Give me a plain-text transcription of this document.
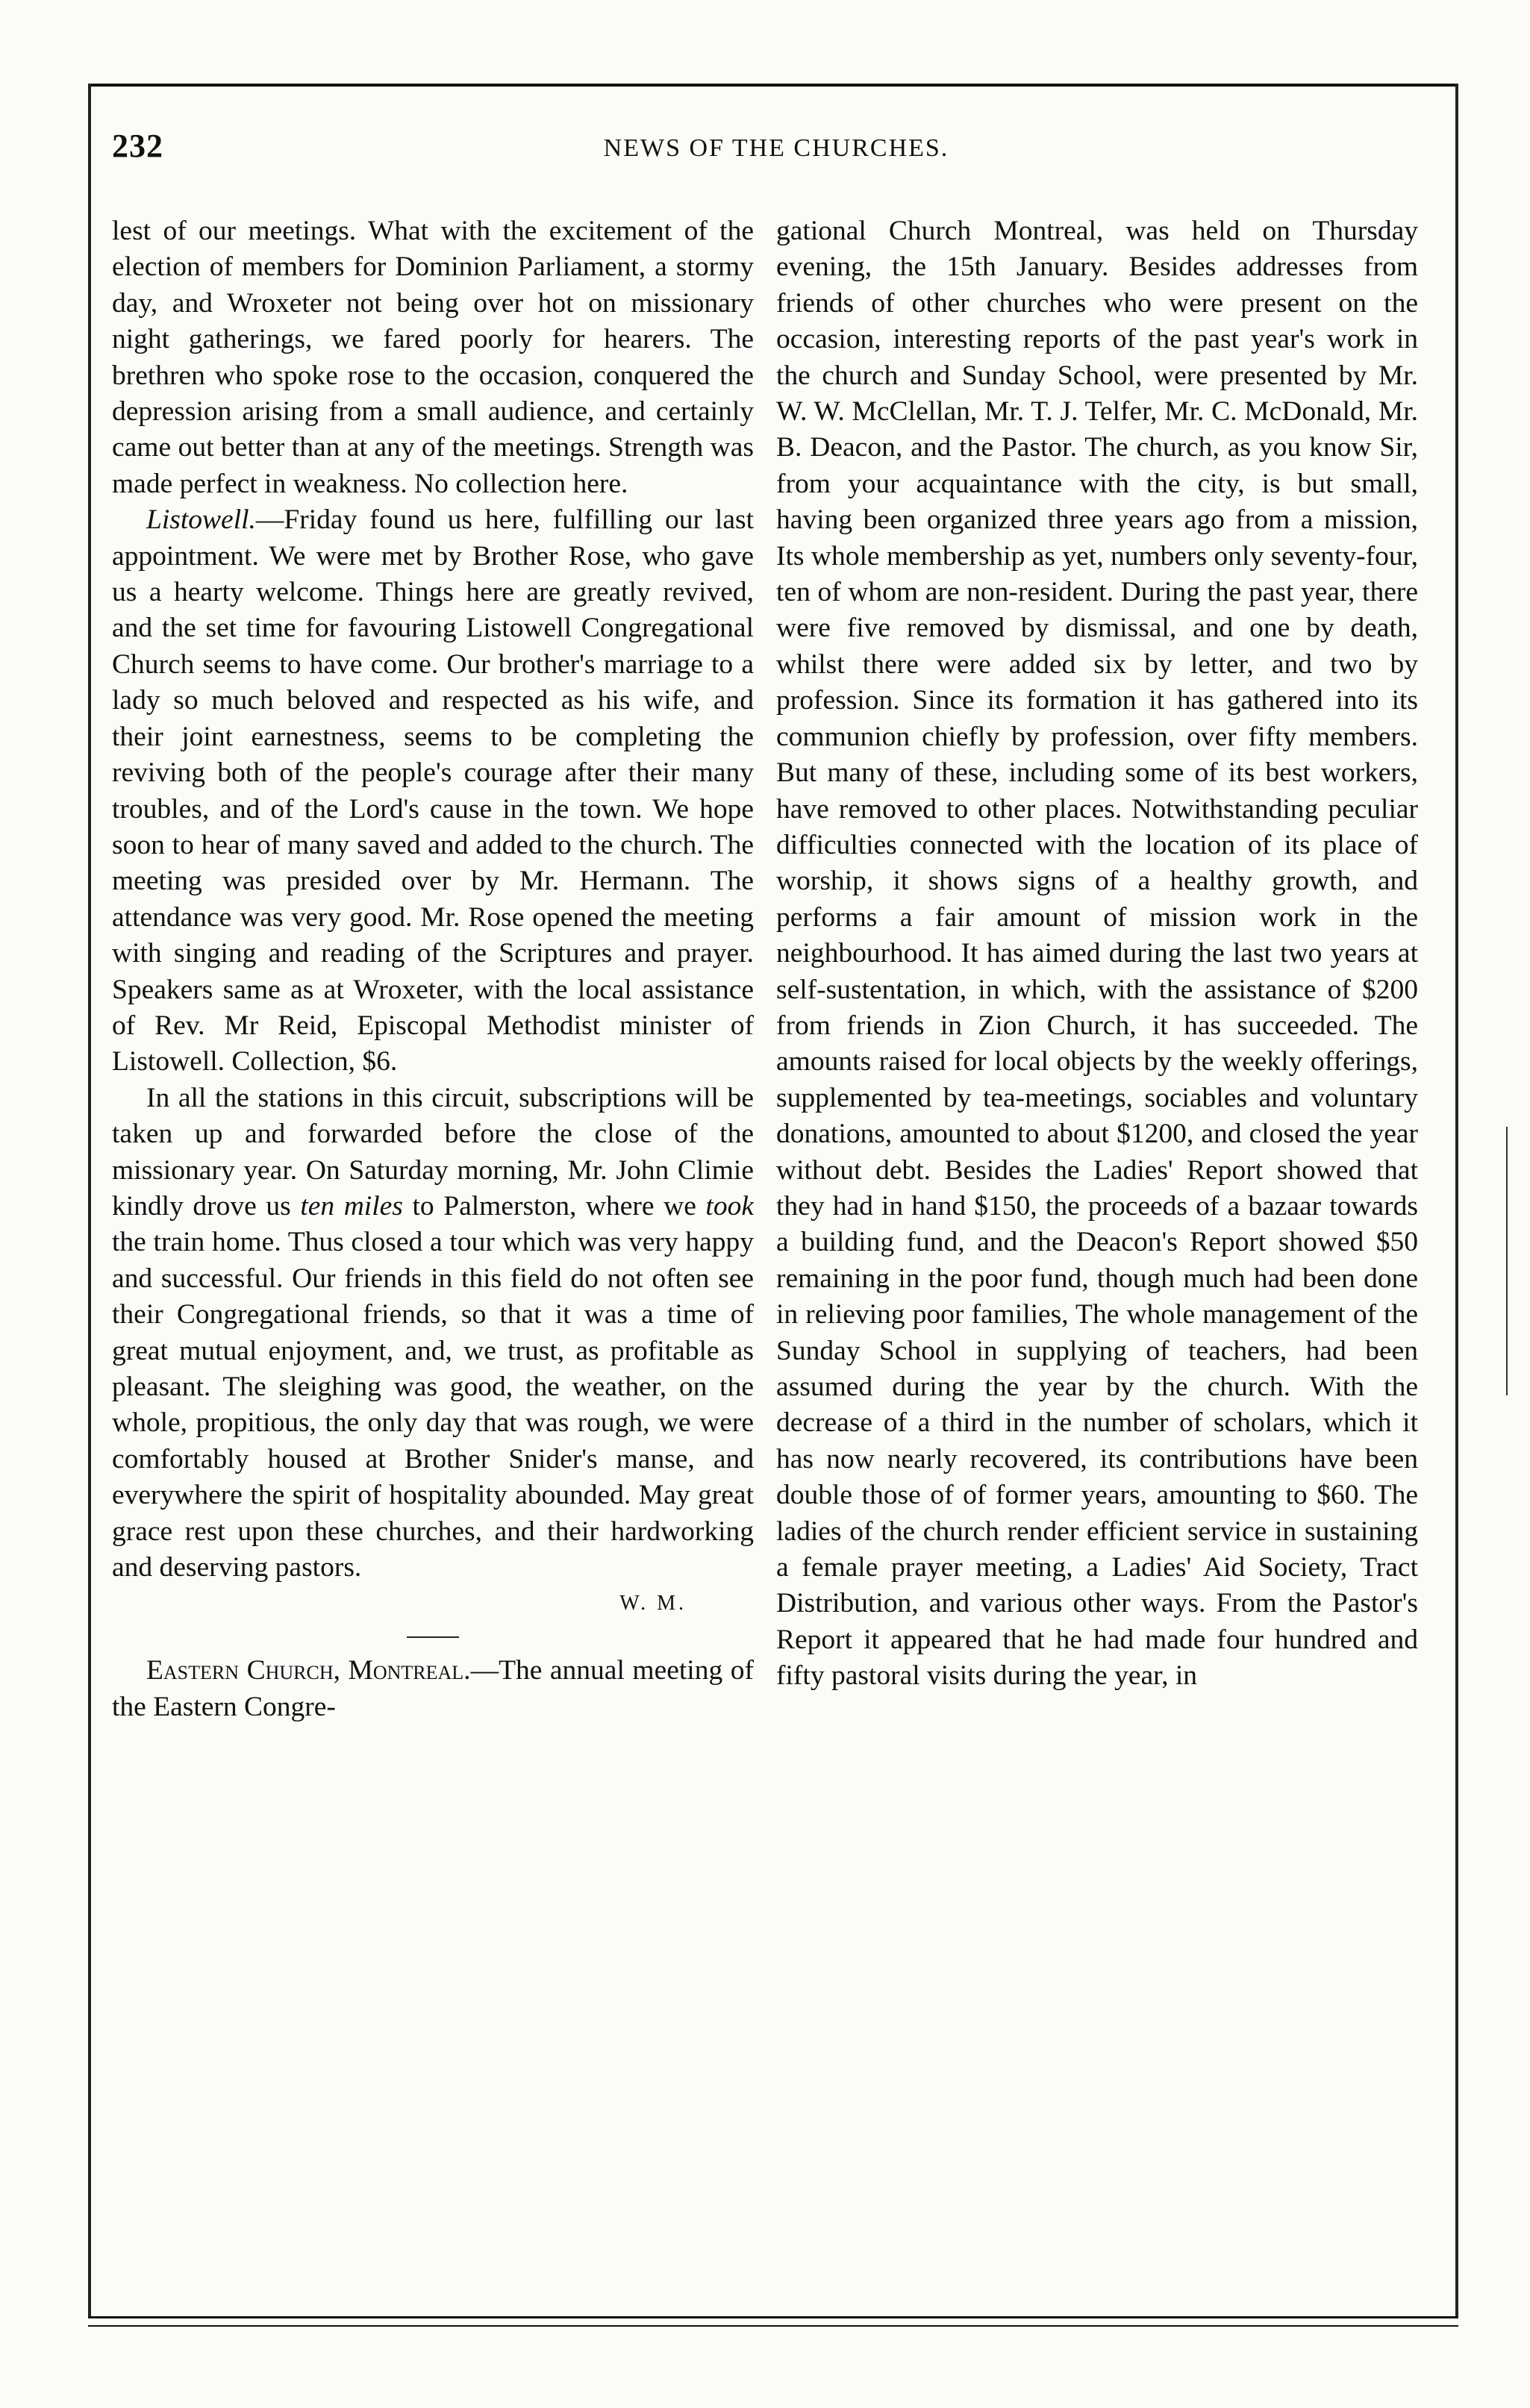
232	NEWS OF THE CHURCHES.

lest of our meetings. What with the excitement of the election of members for Dominion Parliament, a stormy day, and Wroxeter not being over hot on missionary night gatherings, we fared poorly for hearers. The brethren who spoke rose to the occasion, conquered the depression arising from a small audience, and certainly came out better than at any of the meetings. Strength was made perfect in weakness. No collection here.

Listowell.—Friday found us here, fulfilling our last appointment. We were met by Brother Rose, who gave us a hearty welcome. Things here are greatly revived, and the set time for favouring Listowell Congregational Church seems to have come. Our brother's marriage to a lady so much beloved and respected as his wife, and their joint earnestness, seems to be completing the reviving both of the people's courage after their many troubles, and of the Lord's cause in the town. We hope soon to hear of many saved and added to the church. The meeting was presided over by Mr. Hermann. The attendance was very good. Mr. Rose opened the meeting with singing and reading of the Scriptures and prayer. Speakers same as at Wroxeter, with the local assistance of Rev. Mr Reid, Episcopal Methodist minister of Listowell. Collection, $6.

In all the stations in this circuit, subscriptions will be taken up and forwarded before the close of the missionary year. On Saturday morning, Mr. John Climie kindly drove us ten miles to Palmerston, where we took the train home. Thus closed a tour which was very happy and successful. Our friends in this field do not often see their Congregational friends, so that it was a time of great mutual enjoyment, and, we trust, as profitable as pleasant. The sleighing was good, the weather, on the whole, propitious, the only day that was rough, we were comfortably housed at Brother Snider's manse, and everywhere the spirit of hospitality abounded. May great grace rest upon these churches, and their hardworking and deserving pastors.

W. M.

Eastern Church, Montreal.—The annual meeting of the Eastern Congre-

gational Church Montreal, was held on Thursday evening, the 15th January. Besides addresses from friends of other churches who were present on the occasion, interesting reports of the past year's work in the church and Sunday School, were presented by Mr. W. W. McClellan, Mr. T. J. Telfer, Mr. C. McDonald, Mr. B. Deacon, and the Pastor. The church, as you know Sir, from your acquaintance with the city, is but small, having been organized three years ago from a mission, Its whole membership as yet, numbers only seventy-four, ten of whom are non-resident. During the past year, there were five removed by dismissal, and one by death, whilst there were added six by letter, and two by profession. Since its formation it has gathered into its communion chiefly by profession, over fifty members. But many of these, including some of its best workers, have removed to other places. Notwithstanding peculiar difficulties connected with the location of its place of worship, it shows signs of a healthy growth, and performs a fair amount of mission work in the neighbourhood. It has aimed during the last two years at self-sustentation, in which, with the assistance of $200 from friends in Zion Church, it has succeeded. The amounts raised for local objects by the weekly offerings, supplemented by tea-meetings, sociables and voluntary donations, amounted to about $1200, and closed the year without debt. Besides the Ladies' Report showed that they had in hand $150, the proceeds of a bazaar towards a building fund, and the Deacon's Report showed $50 remaining in the poor fund, though much had been done in relieving poor families, The whole management of the Sunday School in supplying of teachers, had been assumed during the year by the church. With the decrease of a third in the number of scholars, which it has now nearly recovered, its contributions have been double those of of former years, amounting to $60. The ladies of the church render efficient service in sustaining a female prayer meeting, a Ladies' Aid Society, Tract Distribution, and various other ways. From the Pastor's Report it appeared that he had made four hundred and fifty pastoral visits during the year, in
